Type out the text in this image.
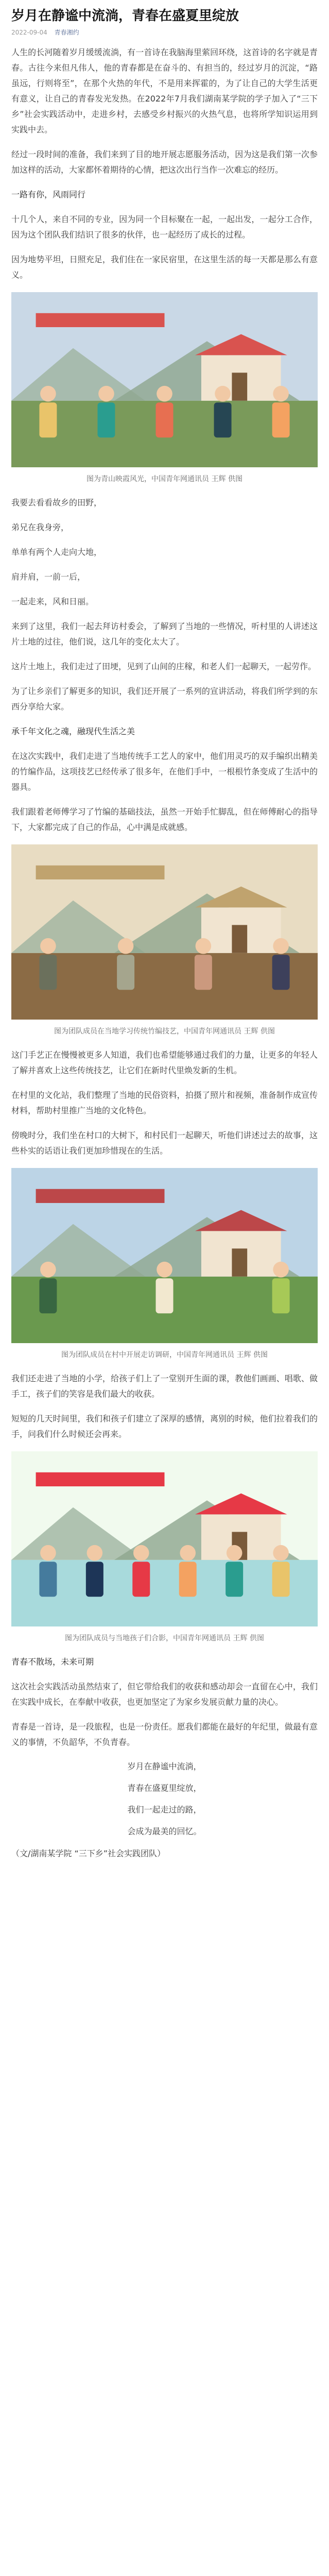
岁月在静谧中流淌，青春在盛夏里绽放
2022-09-04 青春湘约

人生的长河随着岁月缓缓流淌，有一首诗在我脑海里萦回环绕，这首诗的名字就是青春。古往今来但凡伟人，他的青春都是在奋斗的、有担当的，经过岁月的沉淀，“路虽远，行则将至”，在那个火热的年代，不是用来挥霍的，为了让自己的大学生活更有意义，让自己的青春发光发热。在2022年7月我们湖南某学院的学子加入了“三下乡”社会实践活动中，走进乡村，去感受乡村振兴的火热气息，也将所学知识运用到实践中去。

经过一段时间的准备，我们来到了目的地开展志愿服务活动，因为这是我们第一次参加这样的活动，大家都怀着期待的心情，把这次出行当作一次难忘的经历。

一路有你，风雨同行

十几个人，来自不同的专业，因为同一个目标聚在一起，一起出发，一起分工合作，因为这个团队我们结识了很多的伙伴，也一起经历了成长的过程。

因为地势平坦，日照充足，我们住在一家民宿里，在这里生活的每一天都是那么有意义。

图为青山映霞风光，中国青年网通讯员 王辉 供图

我要去看看故乡的田野，

弟兄在我身旁，

单单有两个人走向大地，

肩并肩，一前一后，

一起走来，风和日丽。

来到了这里，我们一起去拜访村委会，了解到了当地的一些情况，听村里的人讲述这片土地的过往，他们说，这几年的变化太大了。

这片土地上，我们走过了田埂，见到了山间的庄稼，和老人们一起聊天，一起劳作。

为了让乡亲们了解更多的知识，我们还开展了一系列的宣讲活动，将我们所学到的东西分享给大家。

承千年文化之魂，融现代生活之美

在这次实践中，我们走进了当地传统手工艺人的家中，他们用灵巧的双手编织出精美的竹编作品，这项技艺已经传承了很多年，在他们手中，一根根竹条变成了生活中的器具。

我们跟着老师傅学习了竹编的基础技法，虽然一开始手忙脚乱，但在师傅耐心的指导下，大家都完成了自己的作品，心中满是成就感。

图为团队成员在当地学习传统竹编技艺，中国青年网通讯员 王辉 供图

这门手艺正在慢慢被更多人知道，我们也希望能够通过我们的力量，让更多的年轻人了解并喜欢上这些传统技艺，让它们在新时代里焕发新的生机。

在村里的文化站，我们整理了当地的民俗资料，拍摄了照片和视频，准备制作成宣传材料，帮助村里推广当地的文化特色。

傍晚时分，我们坐在村口的大树下，和村民们一起聊天，听他们讲述过去的故事，这些朴实的话语让我们更加珍惜现在的生活。

图为团队成员在村中开展走访调研，中国青年网通讯员 王辉 供图

我们还走进了当地的小学，给孩子们上了一堂别开生面的课，教他们画画、唱歌、做手工，孩子们的笑容是我们最大的收获。

短短的几天时间里，我们和孩子们建立了深厚的感情，离别的时候，他们拉着我们的手，问我们什么时候还会再来。

图为团队成员与当地孩子们合影，中国青年网通讯员 王辉 供图

青春不散场，未来可期

这次社会实践活动虽然结束了，但它带给我们的收获和感动却会一直留在心中，我们在实践中成长，在奉献中收获，也更加坚定了为家乡发展贡献力量的决心。

青春是一首诗，是一段旅程，也是一份责任。愿我们都能在最好的年纪里，做最有意义的事情，不负韶华，不负青春。

岁月在静谧中流淌，

青春在盛夏里绽放，

我们一起走过的路，

会成为最美的回忆。

（文/湖南某学院 “三下乡”社会实践团队）
